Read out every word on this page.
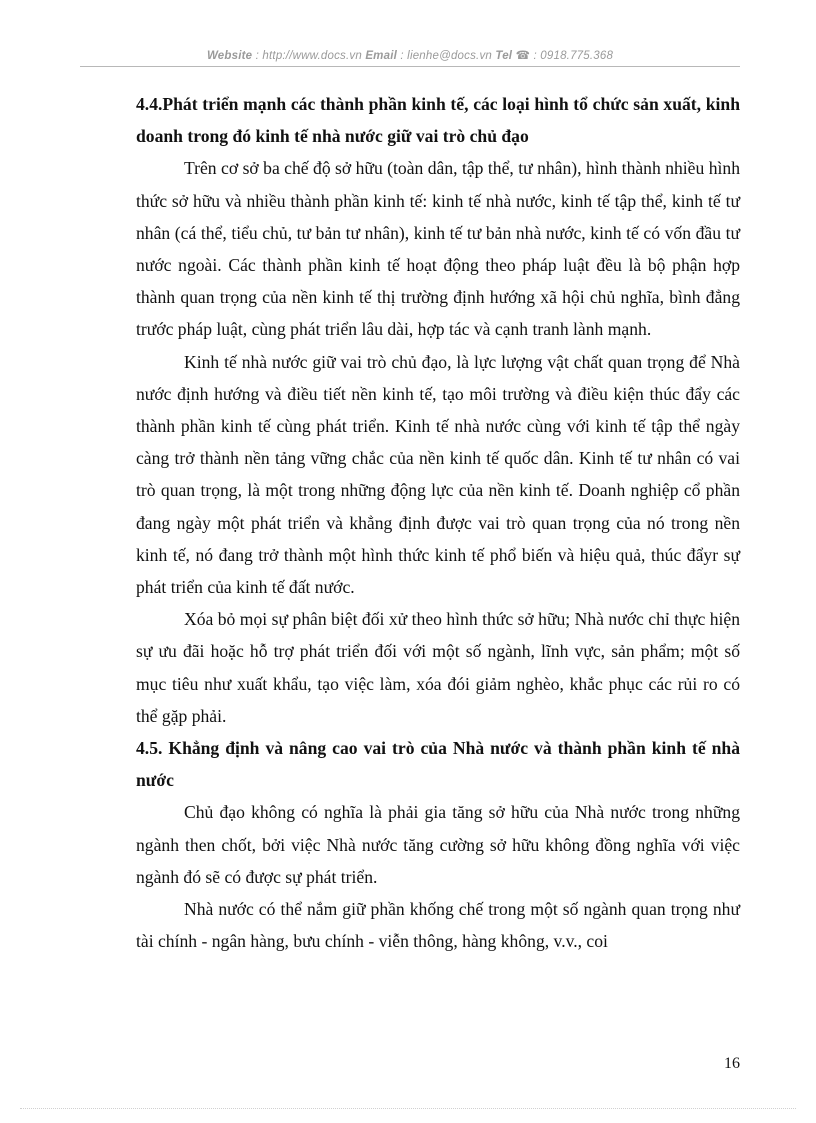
Website : http://www.docs.vn Email : lienhe@docs.vn Tel ☎ : 0918.775.368
4.4.Phát triển mạnh các thành phần kinh tế, các loại hình tổ chức sản xuất, kinh doanh trong đó kinh tế nhà nước giữ vai trò chủ đạo

Trên cơ sở ba chế độ sở hữu (toàn dân, tập thể, tư nhân), hình thành nhiều hình thức sở hữu và nhiều thành phần kinh tế: kinh tế nhà nước, kinh tế tập thể, kinh tế tư nhân (cá thể, tiểu chủ, tư bản tư nhân), kinh tế tư bản nhà nước, kinh tế có vốn đầu tư nước ngoài. Các thành phần kinh tế hoạt động theo pháp luật đều là bộ phận hợp thành quan trọng của nền kinh tế thị trường định hướng xã hội chủ nghĩa, bình đẳng trước pháp luật, cùng phát triển lâu dài, hợp tác và cạnh tranh lành mạnh.

Kinh tế nhà nước giữ vai trò chủ đạo, là lực lượng vật chất quan trọng để Nhà nước định hướng và điều tiết nền kinh tế, tạo môi trường và điều kiện thúc đẩy các thành phần kinh tế cùng phát triển. Kinh tế nhà nước cùng với kinh tế tập thể ngày càng trở thành nền tảng vững chắc của nền kinh tế quốc dân. Kinh tế tư nhân có vai trò quan trọng, là một trong những động lực của nền kinh tế. Doanh nghiệp cổ phần đang ngày một phát triển và khẳng định được vai trò quan trọng của nó trong nền kinh tế, nó đang trở thành một hình thức kinh tế phổ biến và hiệu quả, thúc đẩyr sự phát triển của kinh tế đất nước.

Xóa bỏ mọi sự phân biệt đối xử theo hình thức sở hữu; Nhà nước chỉ thực hiện sự ưu đãi hoặc hỗ trợ phát triển đối với một số ngành, lĩnh vực, sản phẩm; một số mục tiêu như xuất khẩu, tạo việc làm, xóa đói giảm nghèo, khắc phục các rủi ro có thể gặp phải.

4.5. Khẳng định và nâng cao vai trò của Nhà nước và thành phần kinh tế nhà nước

Chủ đạo không có nghĩa là phải gia tăng sở hữu của Nhà nước trong những ngành then chốt, bởi việc Nhà nước tăng cường sở hữu không đồng nghĩa với việc ngành đó sẽ có được sự phát triển.

Nhà nước có thể nắm giữ phần khống chế trong một số ngành quan trọng như tài chính - ngân hàng, bưu chính - viễn thông, hàng không, v.v., coi

16
